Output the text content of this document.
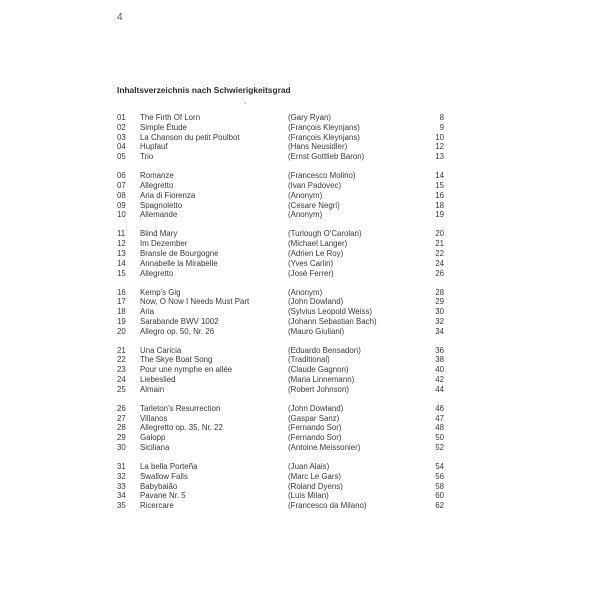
4
Inhaltsverzeichnis nach Schwierigkeitsgrad
01 The Firth Of Lorn	(Gary Ryan)	8
02 Simple Étude	(François Kleynjans)	9
03 La Chanson du petit Poulbot	(François Kleynjans)	10
04 Hupfauf	(Hans Neusidler)	12
05 Trio	(Ernst Gottlieb Baron)	13
06 Romanze	(Francesco Molino)	14
07 Allegretto	(Ivan Padovec)	15
08 Aria di Fiorenza	(Anonym)	16
09 Spagnoletto	(Cesare Negri)	18
10 Allemande	(Anonym)	19
11 Blind Mary	(Turlough O'Carolan)	20
12 Im Dezember	(Michael Langer)	21
13 Bransle de Bourgogne	(Adrien Le Roy)	22
14 Annabelle la Mirabelle	(Yves Carlin)	24
15 Allegretto	(José Ferrer)	26
16 Kemp's Gig	(Anonym)	28
17 Now, O Now I Needs Must Part	(John Dowland)	29
18 Aria	(Sylvius Leopold Weiss)	30
19 Sarabande BWV 1002	(Johann Sebastian Bach)	32
20 Allegro op. 50, Nr. 26	(Mauro Giuliani)	34
21 Una Caricia	(Eduardo Bensadon)	36
22 The Skye Boat Song	(Traditional)	38
23 Pour une nymphe en allée	(Claude Gagnon)	40
24 Liebeslied	(Maria Linnemann)	42
25 Almain	(Robert Johnson)	44
26 Tarleton's Resurrection	(John Dowland)	46
27 Villanos	(Gaspar Sanz)	47
28 Allegretto op. 35, Nr. 22	(Fernando Sor)	48
29 Galopp	(Fernando Sor)	50
30 Siciliana	(Antoine Meissonier)	52
31 La bella Porteña	(Juan Alais)	54
32 Swallow Falls	(Marc Le Gars)	56
33 Babybaião	(Roland Dyens)	58
34 Pavane Nr. 5	(Luis Milan)	60
35 Ricercare	(Francesco da Milano)	62
